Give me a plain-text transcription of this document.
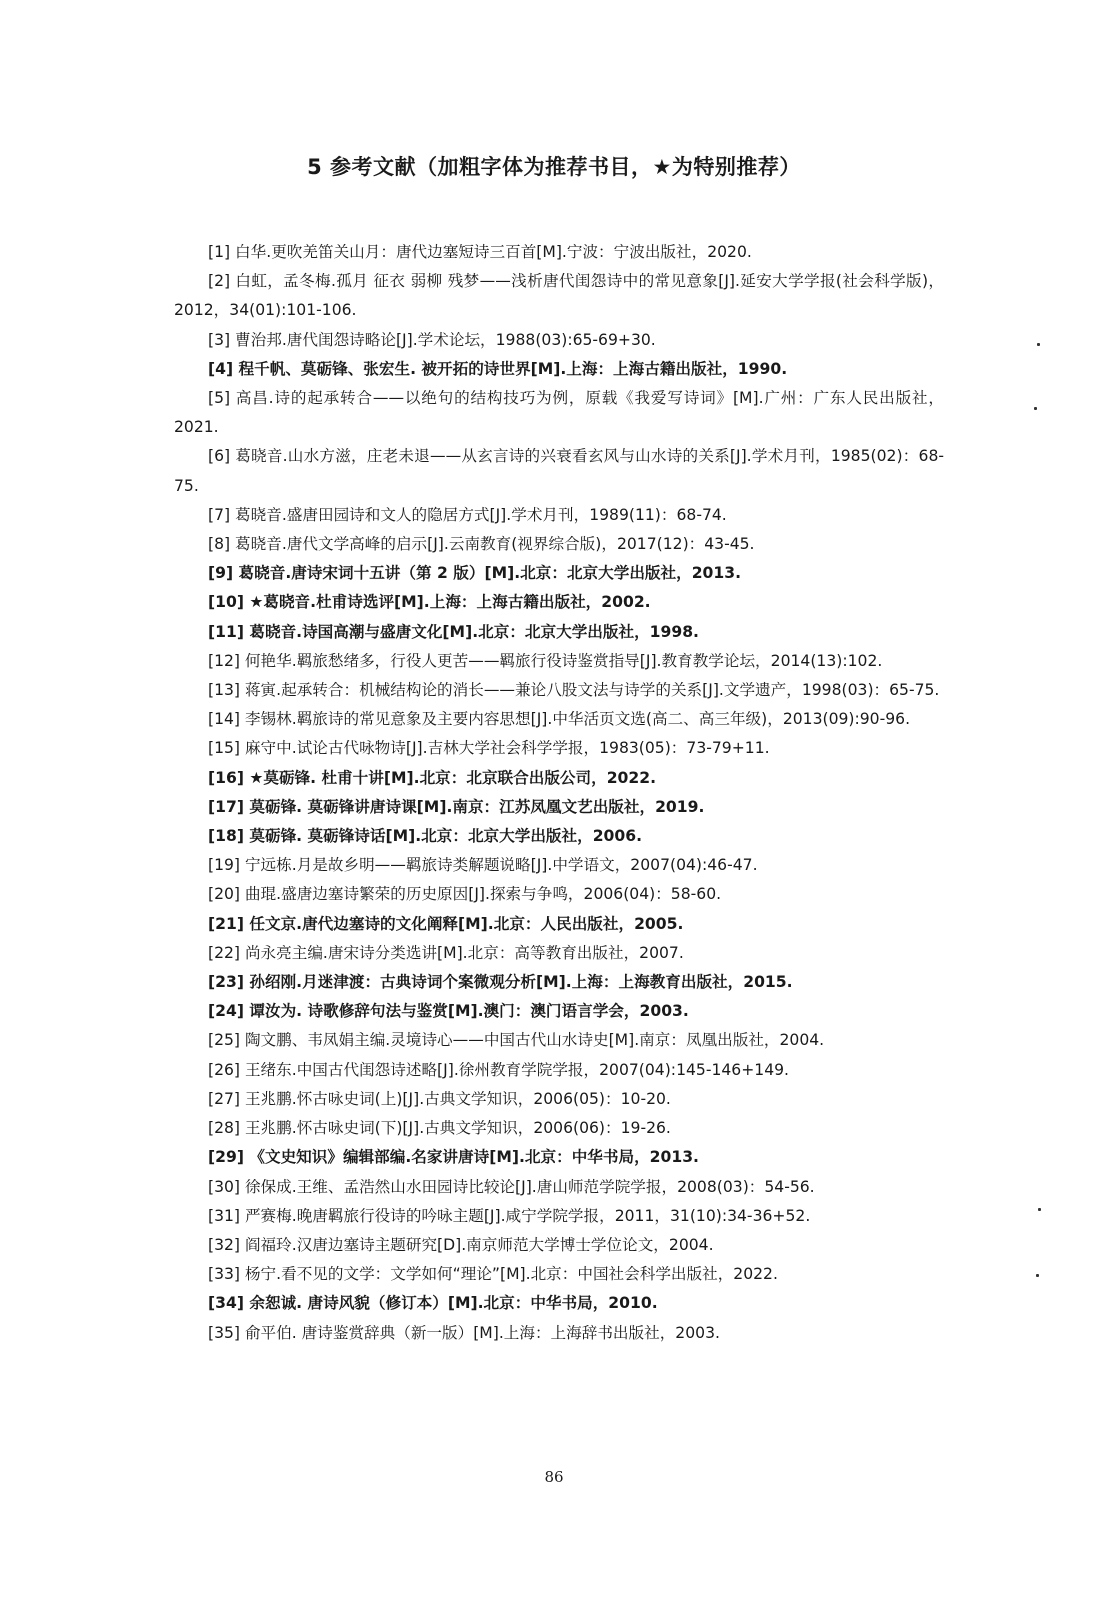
5 参考文献（加粗字体为推荐书目，★为特别推荐）

[1] 白华.更吹羌笛关山月：唐代边塞短诗三百首[M].宁波：宁波出版社，2020.

[2] 白虹，孟冬梅.孤月 征衣 弱柳 残梦——浅析唐代闺怨诗中的常见意象[J].延安大学学报(社会科学版)，2012，34(01):101-106.

[3] 曹治邦.唐代闺怨诗略论[J].学术论坛，1988(03):65-69+30.

[4] 程千帆、莫砺锋、张宏生. 被开拓的诗世界[M].上海：上海古籍出版社，1990.

[5] 高昌.诗的起承转合——以绝句的结构技巧为例，原载《我爱写诗词》[M].广州：广东人民出版社，2021.

[6] 葛晓音.山水方滋，庄老未退——从玄言诗的兴衰看玄风与山水诗的关系[J].学术月刊，1985(02)：68-75.

[7] 葛晓音.盛唐田园诗和文人的隐居方式[J].学术月刊，1989(11)：68-74.

[8] 葛晓音.唐代文学高峰的启示[J].云南教育(视界综合版)，2017(12)：43-45.

[9] 葛晓音.唐诗宋词十五讲（第 2 版）[M].北京：北京大学出版社，2013.

[10] ★葛晓音.杜甫诗选评[M].上海：上海古籍出版社，2002.

[11] 葛晓音.诗国高潮与盛唐文化[M].北京：北京大学出版社，1998.

[12] 何艳华.羁旅愁绪多，行役人更苦——羁旅行役诗鉴赏指导[J].教育教学论坛，2014(13):102.

[13] 蒋寅.起承转合：机械结构论的消长——兼论八股文法与诗学的关系[J].文学遗产，1998(03)：65-75.

[14] 李锡林.羁旅诗的常见意象及主要内容思想[J].中华活页文选(高二、高三年级)，2013(09):90-96.

[15] 麻守中.试论古代咏物诗[J].吉林大学社会科学学报，1983(05)：73-79+11.

[16] ★莫砺锋. 杜甫十讲[M].北京：北京联合出版公司，2022.

[17] 莫砺锋. 莫砺锋讲唐诗课[M].南京：江苏凤凰文艺出版社，2019.

[18] 莫砺锋. 莫砺锋诗话[M].北京：北京大学出版社，2006.

[19] 宁远栋.月是故乡明——羁旅诗类解题说略[J].中学语文，2007(04):46-47.

[20] 曲琨.盛唐边塞诗繁荣的历史原因[J].探索与争鸣，2006(04)：58-60.

[21] 任文京.唐代边塞诗的文化阐释[M].北京：人民出版社，2005.

[22] 尚永亮主编.唐宋诗分类选讲[M].北京：高等教育出版社，2007.

[23] 孙绍刚.月迷津渡：古典诗词个案微观分析[M].上海：上海教育出版社，2015.

[24] 谭汝为. 诗歌修辞句法与鉴赏[M].澳门：澳门语言学会，2003.

[25] 陶文鹏、韦凤娟主编.灵境诗心——中国古代山水诗史[M].南京：凤凰出版社，2004.

[26] 王绪东.中国古代闺怨诗述略[J].徐州教育学院学报，2007(04):145-146+149.

[27] 王兆鹏.怀古咏史词(上)[J].古典文学知识，2006(05)：10-20.

[28] 王兆鹏.怀古咏史词(下)[J].古典文学知识，2006(06)：19-26.

[29] 《文史知识》编辑部编.名家讲唐诗[M].北京：中华书局，2013.

[30] 徐保成.王维、孟浩然山水田园诗比较论[J].唐山师范学院学报，2008(03)：54-56.

[31] 严赛梅.晚唐羁旅行役诗的吟咏主题[J].咸宁学院学报，2011，31(10):34-36+52.

[32] 阎福玲.汉唐边塞诗主题研究[D].南京师范大学博士学位论文，2004.

[33] 杨宁.看不见的文学：文学如何“理论”[M].北京：中国社会科学出版社，2022.

[34] 余恕诚. 唐诗风貌（修订本）[M].北京：中华书局，2010.

[35] 俞平伯. 唐诗鉴赏辞典（新一版）[M].上海：上海辞书出版社，2003.

86
